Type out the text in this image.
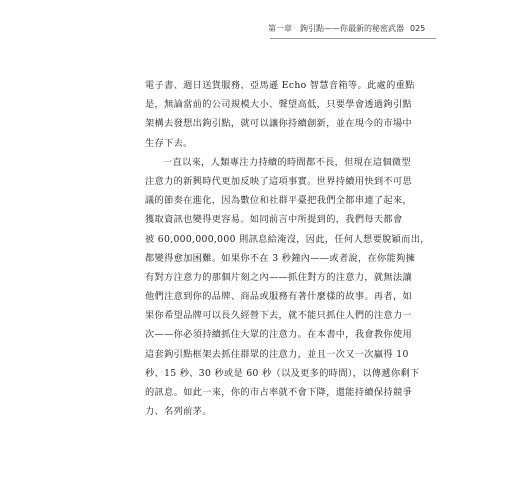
第一章　鉤引點——你最新的秘密武器 025
電子書、週日送貨服務、亞馬遜 Echo 智慧音箱等。此處的重點
是，無論當前的公司規模大小、聲望高低，只要學會透過鉤引點
架構去發想出鉤引點，就可以讓你持續創新，並在現今的市場中
生存下去。
一直以來，人類專注力持續的時間都不長，但現在這個微型
注意力的新興時代更加反映了這項事實。世界持續用快到不可思
議的節奏在進化，因為數位和社群平臺把我們全都串連了起來，
獲取資訊也變得更容易。如同前言中所提到的，我們每天都會
被 60,000,000,000 則訊息給淹沒，因此，任何人想要脫穎而出，
都變得愈加困難。如果你不在 3 秒鐘內——或者說，在你能夠擁
有對方注意力的那個片刻之內——抓住對方的注意力，就無法讓
他們注意到你的品牌、商品或服務有著什麼樣的故事。再者，如
果你希望品牌可以長久經營下去，就不能只抓住人們的注意力一
次——你必須持續抓住大眾的注意力。在本書中，我會教你使用
這套鉤引點框架去抓住群眾的注意力，並且一次又一次贏得 10
秒、15 秒、30 秒或是 60 秒（以及更多的時間），以傳遞你剩下
的訊息。如此一來，你的市占率就不會下降，還能持續保持競爭
力、名列前茅。
